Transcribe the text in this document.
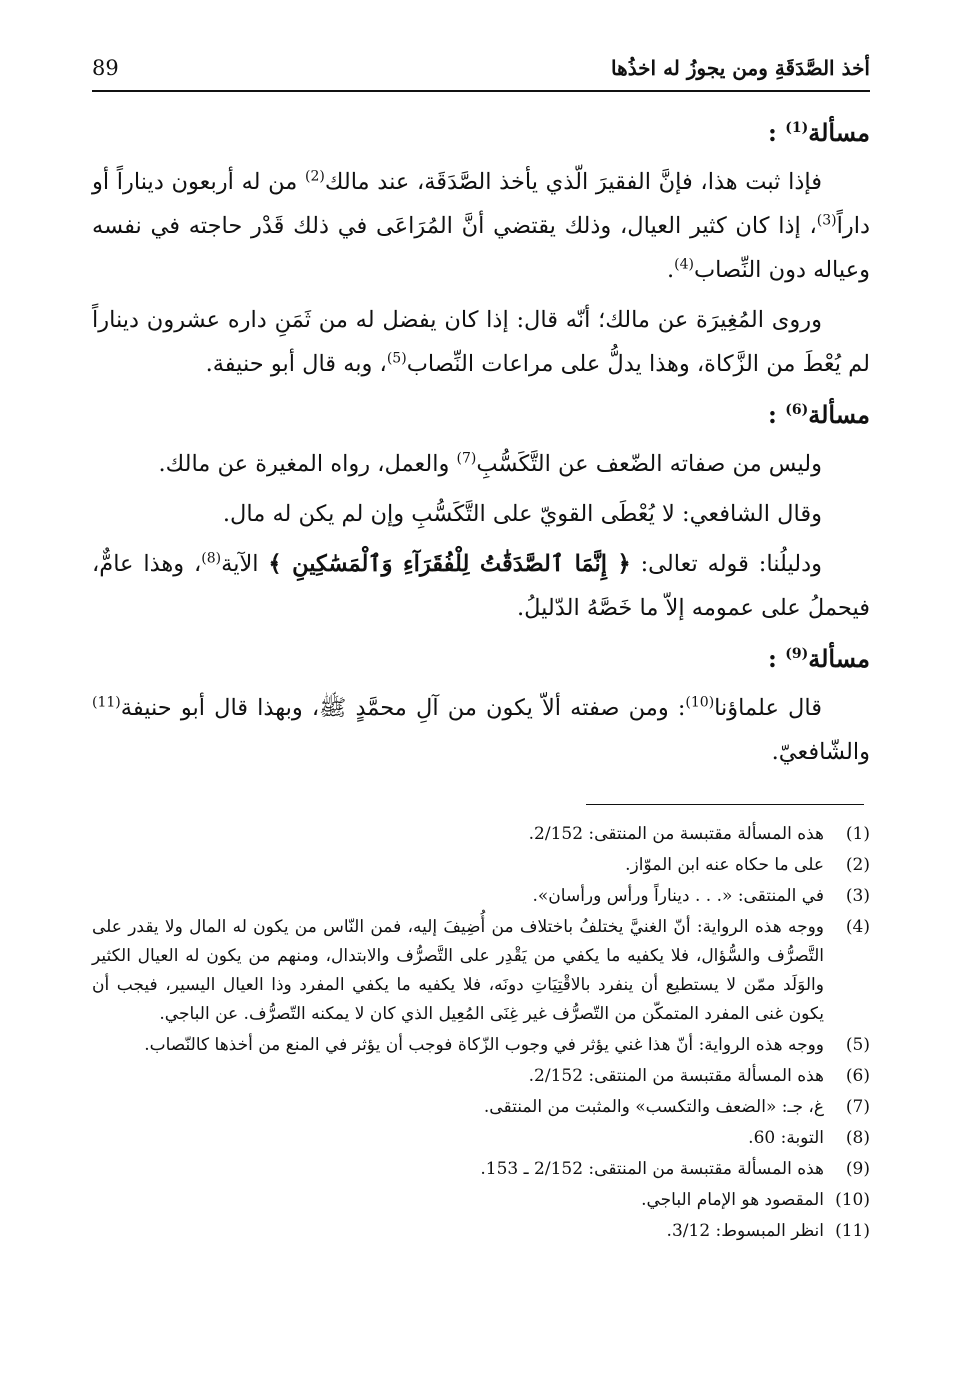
أخذ الصَّدَقَةِ ومن يجوزُ له اخذُها
89
مسألة$^{(1)}$ :

فإذا ثبت هذا، فإنَّ الفقيرَ الّذي يأخذ الصَّدَقَة، عند مالك$^{(2)}$ من له أربعون ديناراً أو داراً$^{(3)}$، إذا كان كثير العيال، وذلك يقتضي أنَّ المُرَاعَى في ذلك قَدْر حاجته في نفسه وعياله دون النِّصاب$^{(4)}$.

وروى المُغِيرَة عن مالك؛ أنّه قال: إذا كان يفضل له من ثَمَنِ داره عشرون ديناراً لم يُعْطَ من الزَّكاة، وهذا يدلُّ على مراعات النِّصاب$^{(5)}$، وبه قال أبو حنيفة.

مسألة$^{(6)}$ :

وليس من صفاته الضّعف عن التَّكَسُّبِ$^{(7)}$ والعمل، رواه المغيرة عن مالك.

وقال الشافعي: لا يُعْطَى القويّ على التَّكَسُّبِ وإن لم يكن له مال.

ودليلُنا: قوله تعالى: ﴿ إِنَّمَا ٱلصَّدَقَٰتُ لِلْفُقَرَآءِ وَٱلْمَسَٰكِينِ ﴾ الآية$^{(8)}$، وهذا عامٌّ، فيحملُ على عمومه إلاّ ما خَصَّهُ الدّليلُ.

مسألة$^{(9)}$ :

قال علماؤنا$^{(10)}$: ومن صفته ألاّ يكون من آلِ محمَّدٍ ﷺ، وبهذا قال أبو حنيفة$^{(11)}$ والشّافعيّ.

(1)
هذه المسألة مقتبسة من المنتقى: 2/152.
(2)
على ما حكاه عنه ابن الموّاز.
(3)
في المنتقى: «. . . ديناراً ورأس ورأسان».
(4)
ووجه هذه الرواية: أنّ الغنيَّ يختلفُ باختلاف من أُضِيفَ إليه، فمن النّاس من يكون له المال ولا يقدر على التَّصرُّف والسُّؤال، فلا يكفيه ما يكفي من يَقْدِر على التَّصرُّف والابتدال، ومنهم من يكون له العيال الكثير والوَلَد ممّن لا يستطيع أن ينفرد بالاقْتِيَاتِ دونَه، فلا يكفيه ما يكفي المفرد وذا العيال اليسير، فيجب أن يكون غنى المفرد المتمكّن من التّصرُّف غير غِنَى المُعِيل الذي كان لا يمكنه التّصرُّف. عن الباجي.
(5)
ووجه هذه الرواية: أنّ هذا غني يؤثر في وجوب الزّكاة فوجب أن يؤثر في المنع من أخذها كالنّصاب.
(6)
هذه المسألة مقتبسة من المنتقى: 2/152.
(7)
غ، جـ: «الضعف والتكسب» والمثبت من المنتقى.
(8)
التوبة: 60.
(9)
هذه المسألة مقتبسة من المنتقى: 2/152 ـ 153.
(10)
المقصود هو الإمام الباجي.
(11)
انظر المبسوط: 3/12.
